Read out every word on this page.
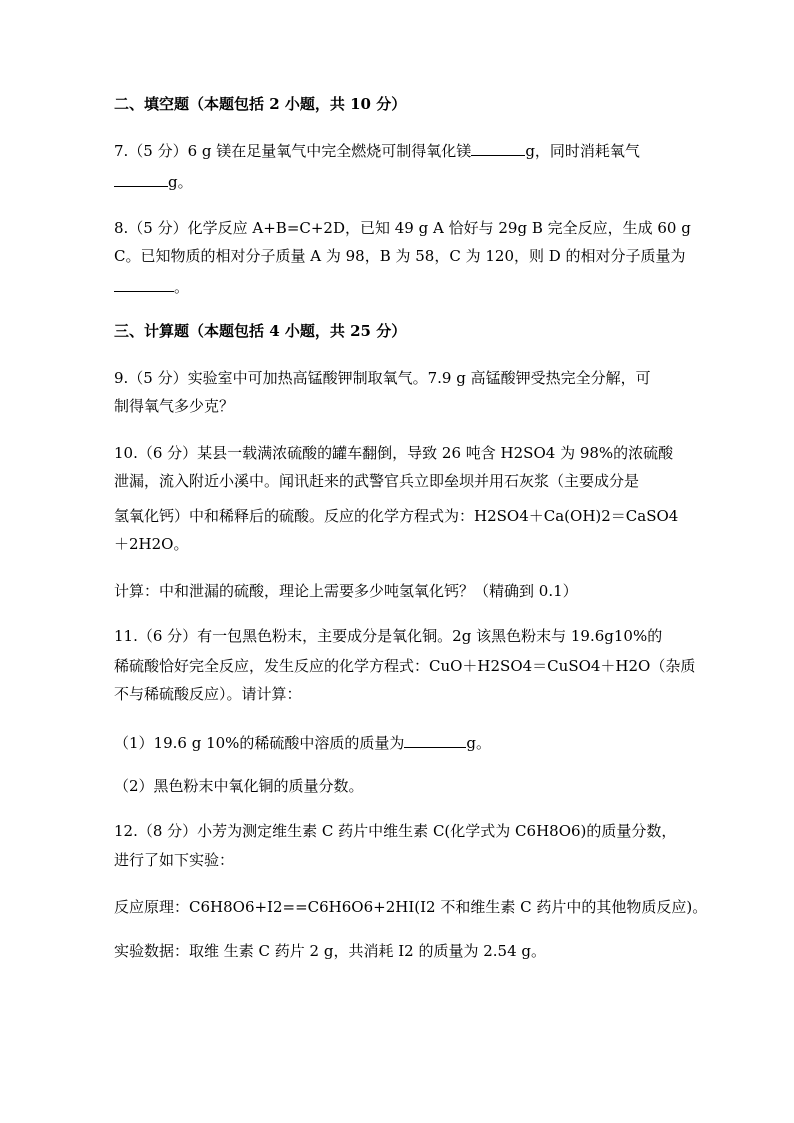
二、填空题（本题包括 2 小题，共 10 分）
7.（5 分）6 g 镁在足量氧气中完全燃烧可制得氧化镁	g，同时消耗氧气
g。
8.（5 分）化学反应 A+B=C+2D，已知 49 g A 恰好与 29g B 完全反应，生成 60 g
C。已知物质的相对分子质量 A 为 98，B 为 58，C 为 120，则 D 的相对分子质量为
。
三、计算题（本题包括 4 小题，共 25 分）
9.（5 分）实验室中可加热高锰酸钾制取氧气。7.9 g 高锰酸钾受热完全分解，可
制得氧气多少克？
10.（6 分）某县一载满浓硫酸的罐车翻倒，导致 26 吨含 H2SO4 为 98%的浓硫酸
泄漏，流入附近小溪中。闻讯赶来的武警官兵立即垒坝并用石灰浆（主要成分是
氢氧化钙）中和稀释后的硫酸。反应的化学方程式为：H2SO4＋Ca(OH)2＝CaSO4
＋2H2O。
计算：中和泄漏的硫酸，理论上需要多少吨氢氧化钙？（精确到 0.1）
11.（6 分）有一包黑色粉末，主要成分是氧化铜。2g 该黑色粉末与 19.6g10%的
稀硫酸恰好完全反应，发生反应的化学方程式：CuO＋H2SO4＝CuSO4＋H2O（杂质
不与稀硫酸反应）。请计算：
（1）19.6 g 10%的稀硫酸中溶质的质量为	g。
（2）黑色粉末中氧化铜的质量分数。
12.（8 分）小芳为测定维生素 C 药片中维生素 C(化学式为 C6H8O6)的质量分数，
进行了如下实验：
反应原理：C6H8O6+I2==C6H6O6+2HI(I2 不和维生素 C 药片中的其他物质反应)。
实验数据：取维 生素 C 药片 2 g，共消耗 I2 的质量为 2.54 g。
